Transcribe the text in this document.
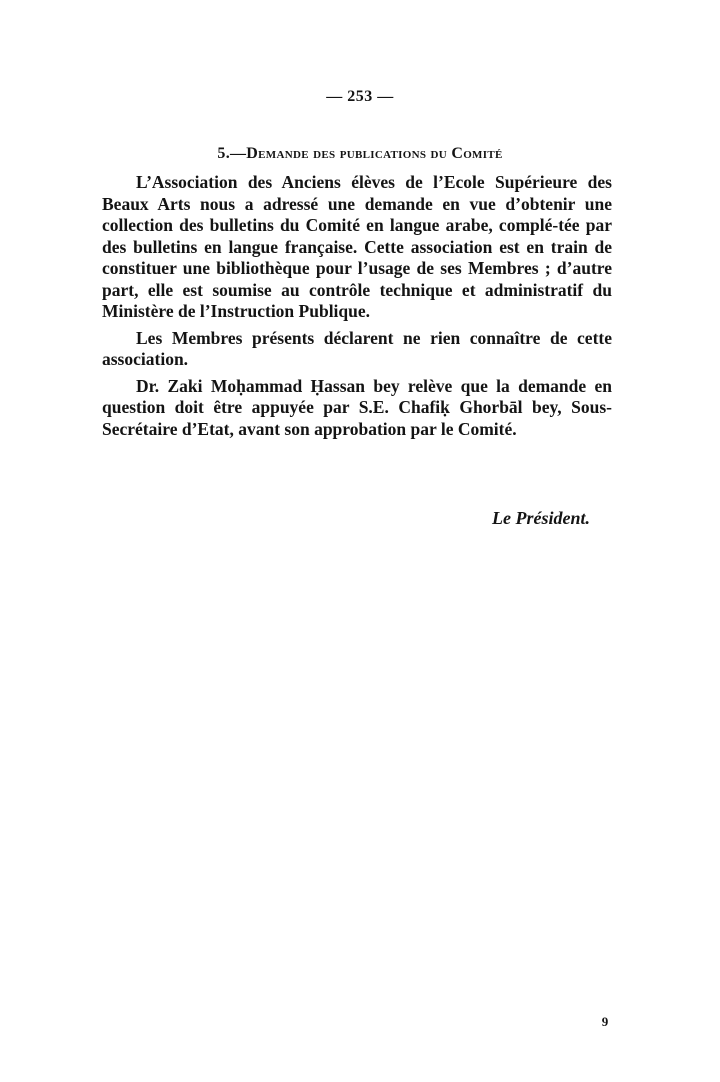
— 253 —
5.—Demande des publications du Comité

L’Association des Anciens élèves de l’Ecole Supérieure des Beaux Arts nous a adressé une demande en vue d’obtenir une collection des bulletins du Comité en langue arabe, complé-tée par des bulletins en langue française. Cette association est en train de constituer une bibliothèque pour l’usage de ses Membres ; d’autre part, elle est soumise au contrôle technique et administratif du Ministère de l’Instruction Publique.

Les Membres présents déclarent ne rien connaître de cette association.

Dr. Zaki Moḥammad Ḥassan bey relève que la demande en question doit être appuyée par S.E. Chafiḳ Ghorbāl bey, Sous-Secrétaire d’Etat, avant son approbation par le Comité.

Le Président.
9
